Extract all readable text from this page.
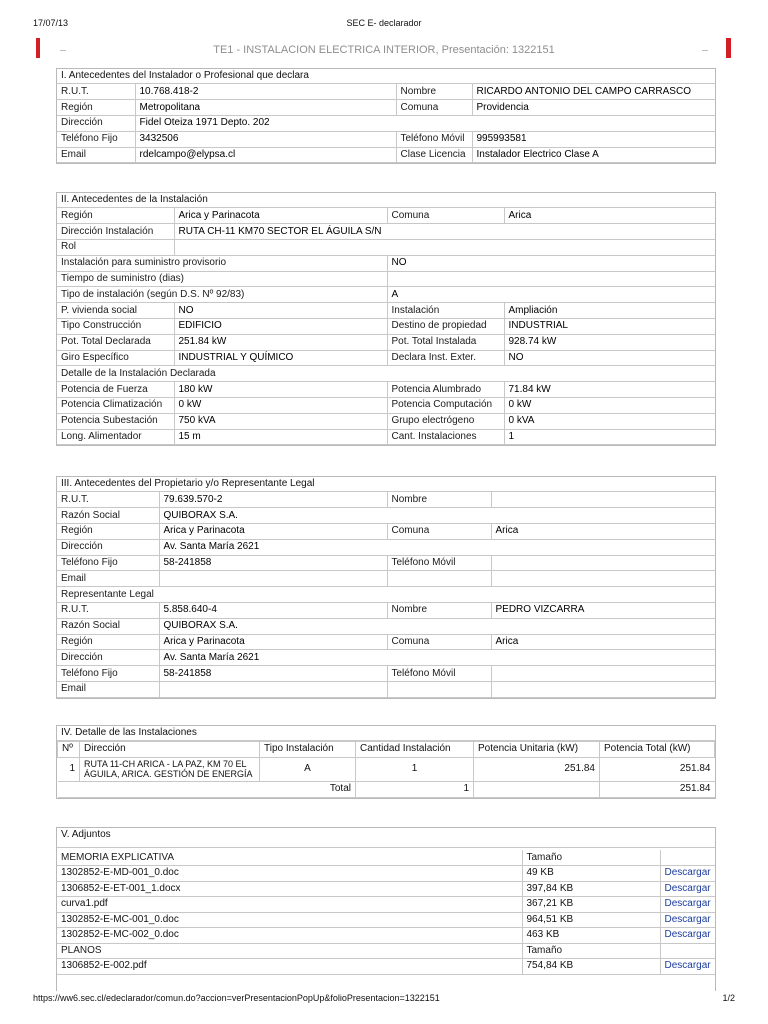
17/07/13	SEC E- declarador
TE1 - INSTALACION ELECTRICA INTERIOR, Presentación: 1322151
I. Antecedentes del Instalador o Profesional que declara
R.U.T.	10.768.418-2	Nombre	RICARDO ANTONIO DEL CAMPO CARRASCO
Región	Metropolitana	Comuna	Providencia
Dirección	Fidel Oteiza 1971 Depto. 202		
Teléfono Fijo	3432506	Teléfono Móvil	995993581
Email	rdelcampo@elypsa.cl	Clase Licencia	Instalador Electrico Clase A
II. Antecedentes de la Instalación
Región	Arica y Parinacota	Comuna	Arica
Dirección Instalación	RUTA CH-11 KM70 SECTOR EL ÁGUILA S/N		
Rol			
Instalación para suministro provisorio		NO	
Tiempo de suministro (dias)			
Tipo de instalación (según D.S. Nº 92/83)		A	
P. vivienda social	NO	Instalación	Ampliación
Tipo Construcción	EDIFICIO	Destino de propiedad	INDUSTRIAL
Pot. Total Declarada	251.84 kW	Pot. Total Instalada	928.74 kW
Giro Específico	INDUSTRIAL Y QUÍMICO	Declara Inst. Exter.	NO
Detalle de la Instalación Declarada			
Potencia de Fuerza	180 kW	Potencia Alumbrado	71.84 kW
Potencia Climatización	0 kW	Potencia Computación	0 kW
Potencia Subestación	750 kVA	Grupo electrógeno	0 kVA
Long. Alimentador	15 m	Cant. Instalaciones	1
III. Antecedentes del Propietario y/o Representante Legal
R.U.T.	79.639.570-2	Nombre	
Razón Social	QUIBORAX S.A.		
Región	Arica y Parinacota	Comuna	Arica
Dirección	Av. Santa María 2621		
Teléfono Fijo	58-241858	Teléfono Móvil	
Email			
Representante Legal			
R.U.T.	5.858.640-4	Nombre	PEDRO VIZCARRA
Razón Social	QUIBORAX S.A.		
Región	Arica y Parinacota	Comuna	Arica
Dirección	Av. Santa María 2621		
Teléfono Fijo	58-241858	Teléfono Móvil	
Email			
IV. Detalle de las Instalaciones
Nº	Dirección	Tipo Instalación	Cantidad Instalación	Potencia Unitaria (kW)	Potencia Total (kW)
1	RUTA 11-CH ARICA - LA PAZ, KM 70 EL ÁGUILA, ARICA. GESTIÓN DE ENERGÍA	A	1	251.84	251.84
Total			1		251.84
V. Adjuntos
MEMORIA EXPLICATIVA	Tamaño	
1302852-E-MD-001_0.doc	49 KB	Descargar
1306852-E-ET-001_1.docx	397,84 KB	Descargar
curva1.pdf	367,21 KB	Descargar
1302852-E-MC-001_0.doc	964,51 KB	Descargar
1302852-E-MC-002_0.doc	463 KB	Descargar
PLANOS	Tamaño	
1306852-E-002.pdf	754,84 KB	Descargar
https://ww6.sec.cl/edeclarador/comun.do?accion=verPresentacionPopUp&folioPresentacion=1322151	1/2
